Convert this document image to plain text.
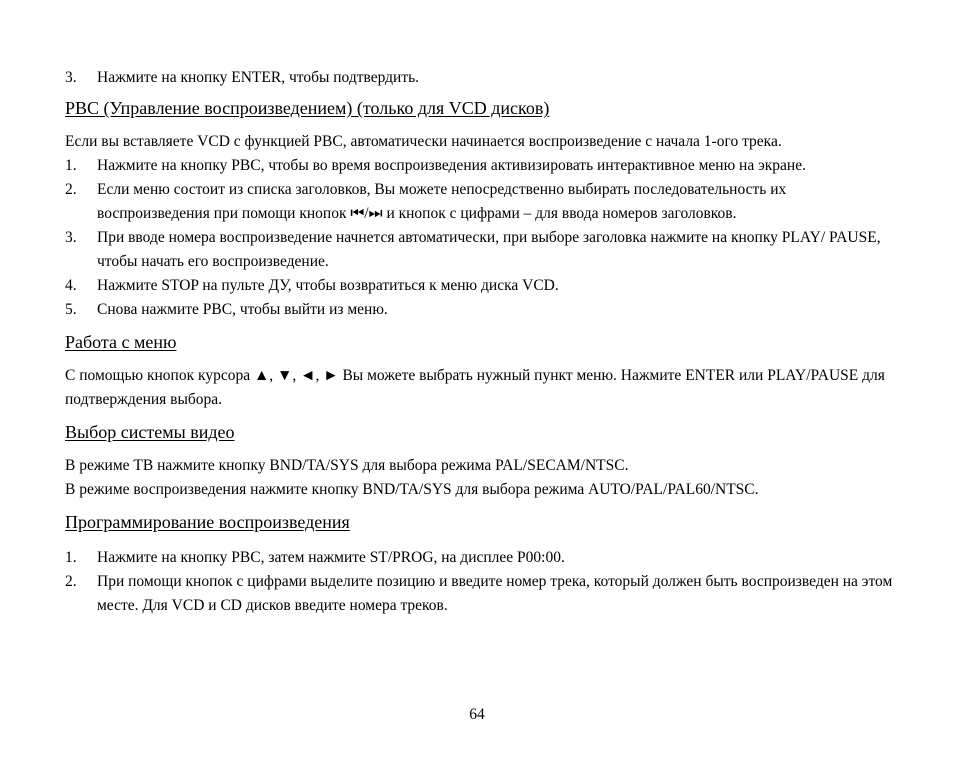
3.	Нажмите на кнопку ENTER, чтобы подтвердить.

PBC (Управление воспроизведением) (только для VCD дисков)

Если вы вставляете VCD с функцией PBC, автоматически начинается воспроизведение с начала 1-ого трека.

1.	Нажмите на кнопку PBC, чтобы во время воспроизведения активизировать интерактивное меню на экране.
2.	Если меню состоит из списка заголовков, Вы можете непосредственно выбирать последовательность их воспроизведения при помощи кнопок ⏮/⏭ и кнопок с цифрами – для ввода номеров заголовков.
3.	При вводе номера воспроизведение начнется автоматически, при выборе заголовка нажмите на кнопку PLAY/ PAUSE, чтобы начать его воспроизведение.
4.	Нажмите STOP на пульте ДУ, чтобы возвратиться к меню диска VCD.
5.	Снова нажмите PBC, чтобы выйти из меню.

Работа с меню

С помощью кнопок курсора ▲, ▼, ◄, ► Вы можете выбрать нужный пункт меню. Нажмите ENTER или PLAY/PAUSE для подтверждения выбора.

Выбор системы видео

В режиме ТВ нажмите кнопку BND/TA/SYS для выбора режима PAL/SECAM/NTSC.

В режиме воспроизведения нажмите кнопку BND/TA/SYS для выбора режима AUTO/PAL/PAL60/NTSC.

Программирование воспроизведения

1.	Нажмите на кнопку PBC, затем нажмите ST/PROG, на дисплее P00:00.
2.	При помощи кнопок с цифрами выделите позицию и введите номер трека, который должен быть воспроизведен на этом месте. Для VCD и CD дисков введите номера треков.
64
